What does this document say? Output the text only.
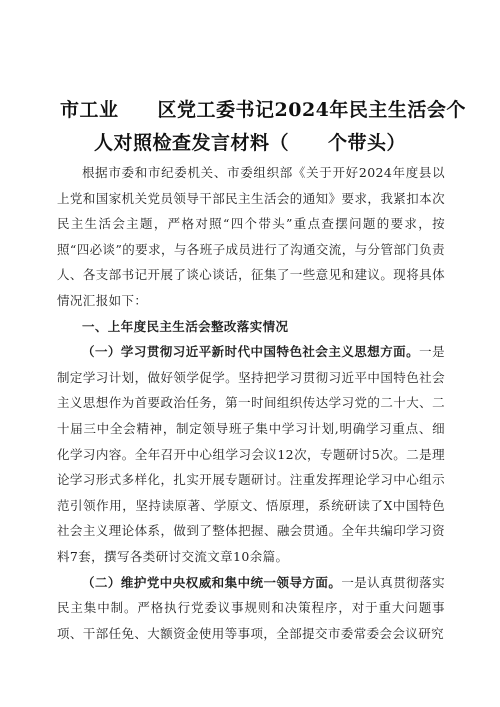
市工业　　区党工委书记2024年民主生活会个
人对照检查发言材料（　　个带头）

根据市委和市纪委机关、市委组织部《关于开好2024年度县以上党和国家机关党员领导干部民主生活会的通知》要求，我紧扣本次民主生活会主题，严格对照“四个带头”重点查摆问题的要求，按照“四必谈”的要求，与各班子成员进行了沟通交流，与分管部门负责人、各支部书记开展了谈心谈话，征集了一些意见和建议。现将具体情况汇报如下：

一、上年度民主生活会整改落实情况

（一）学习贯彻习近平新时代中国特色社会主义思想方面。一是制定学习计划，做好领学促学。坚持把学习贯彻习近平中国特色社会主义思想作为首要政治任务，第一时间组织传达学习党的二十大、二十届三中全会精神，制定领导班子集中学习计划,明确学习重点、细化学习内容。全年召开中心组学习会议12次，专题研讨5次。二是理论学习形式多样化，扎实开展专题研讨。注重发挥理论学习中心组示范引领作用，坚持读原著、学原文、悟原理，系统研读了X中国特色社会主义理论体系，做到了整体把握、融会贯通。全年共编印学习资料7套，撰写各类研讨交流文章10余篇。

（二）维护党中央权威和集中统一领导方面。一是认真贯彻落实民主集中制。严格执行党委议事规则和决策程序，对于重大问题事项、干部任免、大额资金使用等事项，全部提交市委常委会会议研究
